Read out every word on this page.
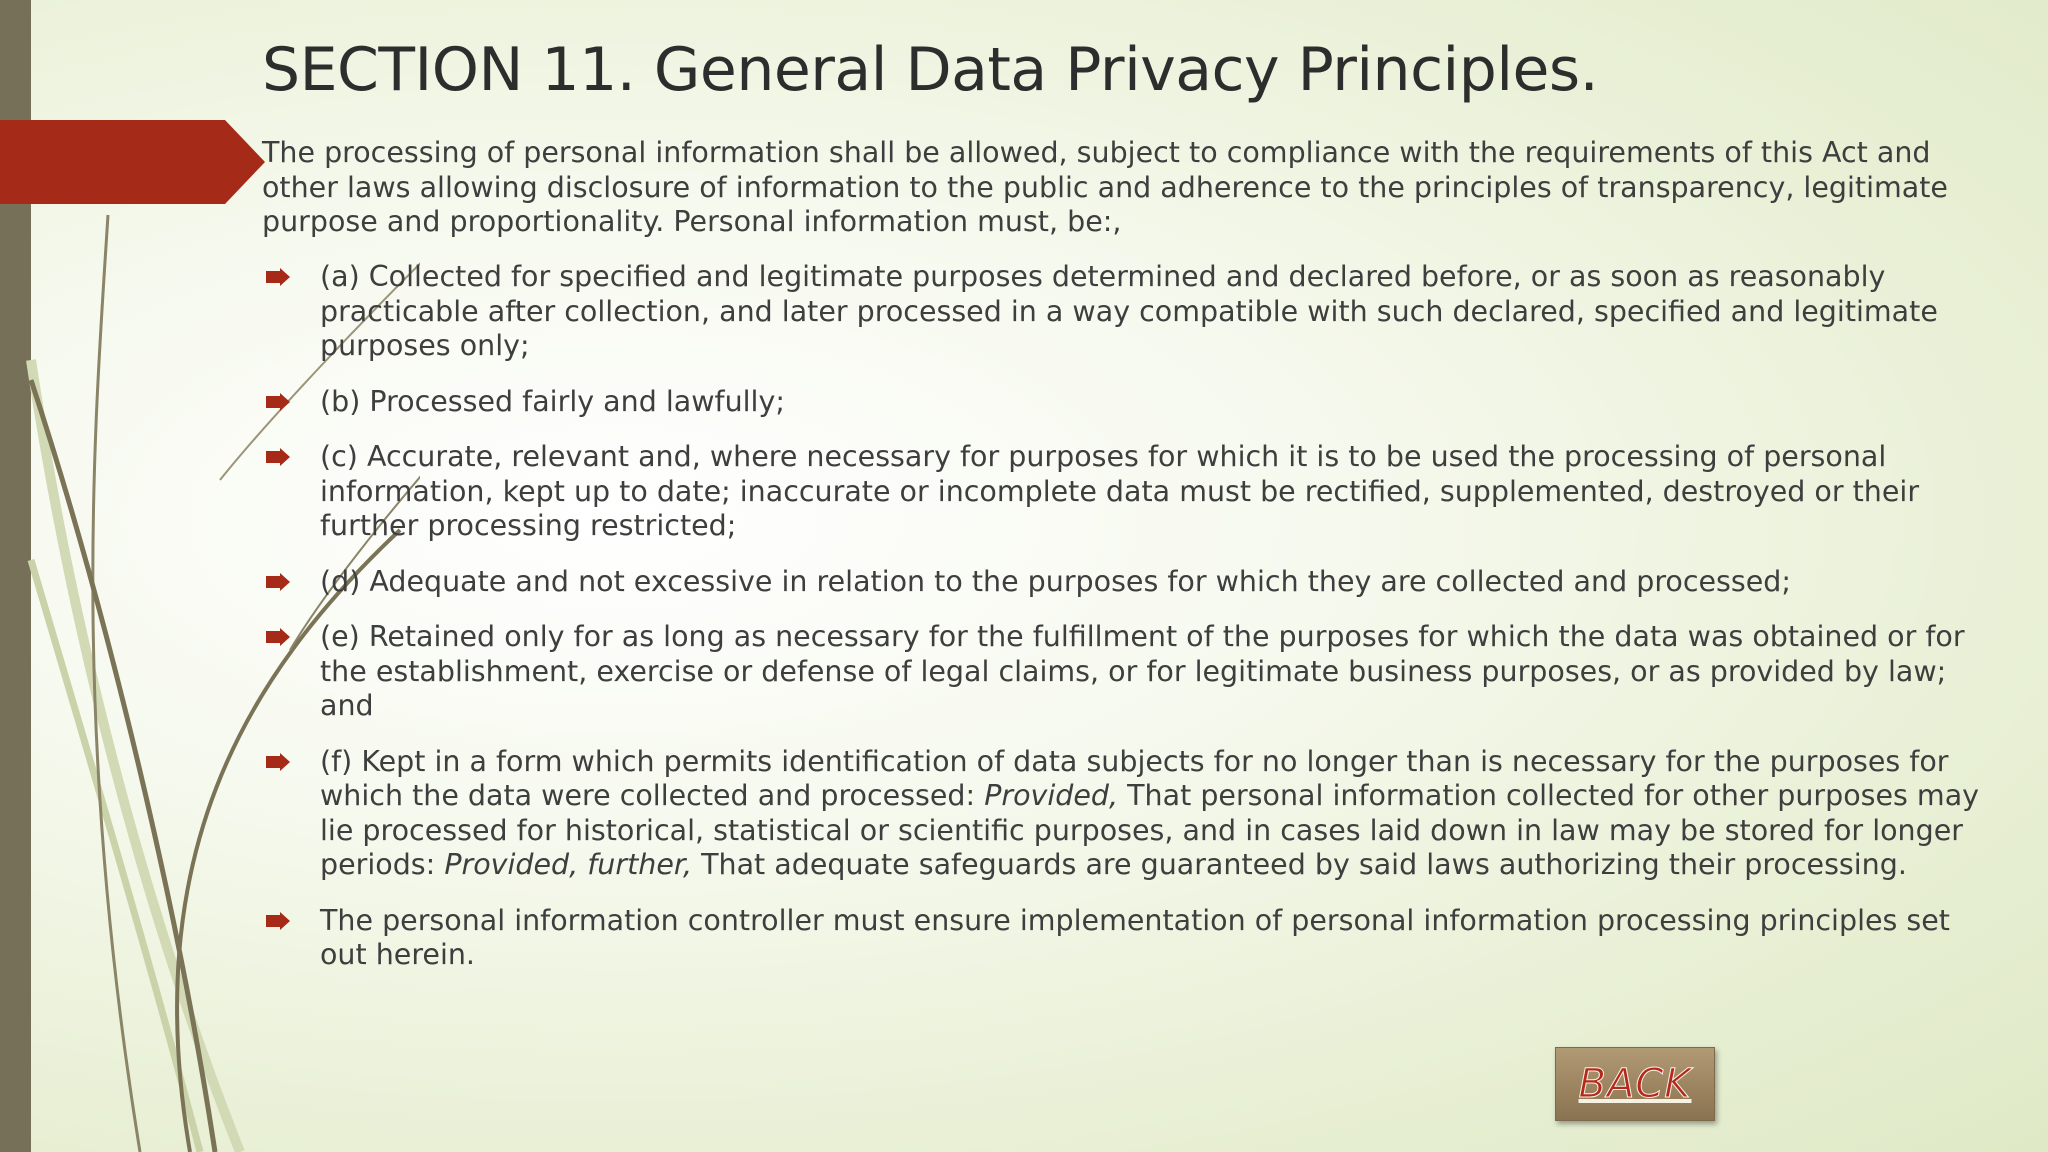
SECTION 11. General Data Privacy Principles.

The processing of personal information shall be allowed, subject to compliance with the requirements of this Act and other laws allowing disclosure of information to the public and adherence to the principles of transparency, legitimate purpose and proportionality. Personal information must, be:,

(a) Collected for specified and legitimate purposes determined and declared before, or as soon as reasonably practicable after collection, and later processed in a way compatible with such declared, specified and legitimate purposes only;
(b) Processed fairly and lawfully;
(c) Accurate, relevant and, where necessary for purposes for which it is to be used the processing of personal information, kept up to date; inaccurate or incomplete data must be rectified, supplemented, destroyed or their further processing restricted;
(d) Adequate and not excessive in relation to the purposes for which they are collected and processed;
(e) Retained only for as long as necessary for the fulfillment of the purposes for which the data was obtained or for the establishment, exercise or defense of legal claims, or for legitimate business purposes, or as provided by law; and
(f) Kept in a form which permits identification of data subjects for no longer than is necessary for the purposes for which the data were collected and processed: Provided, That personal information collected for other purposes may lie processed for historical, statistical or scientific purposes, and in cases laid down in law may be stored for longer periods: Provided, further, That adequate safeguards are guaranteed by said laws authorizing their processing.
The personal information controller must ensure implementation of personal information processing principles set out herein.
BACK
